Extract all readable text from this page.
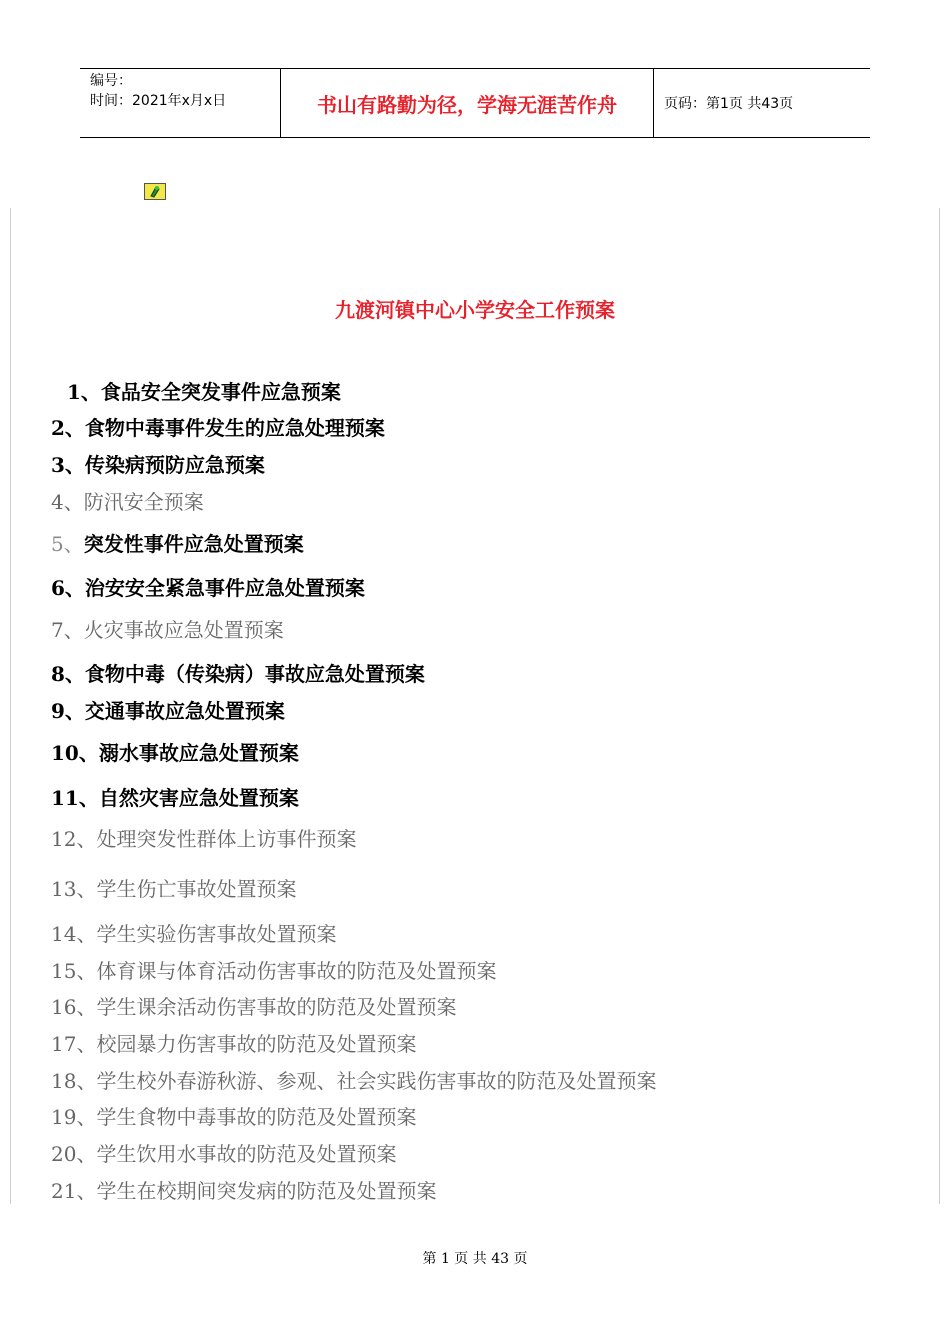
编号：
时间：2021年x月x日	书山有路勤为径，学海无涯苦作舟	页码：第1页 共43页
九渡河镇中心小学安全工作预案
1、食品安全突发事件应急预案
2、食物中毒事件发生的应急处理预案
3、传染病预防应急预案
4、防汛安全预案
5、突发性事件应急处置预案
6、治安安全紧急事件应急处置预案
7、火灾事故应急处置预案
8、食物中毒（传染病）事故应急处置预案
9、交通事故应急处置预案
10、溺水事故应急处置预案
11、自然灾害应急处置预案
12、处理突发性群体上访事件预案
13、学生伤亡事故处置预案
14、学生实验伤害事故处置预案
15、体育课与体育活动伤害事故的防范及处置预案
16、学生课余活动伤害事故的防范及处置预案
17、校园暴力伤害事故的防范及处置预案
18、学生校外春游秋游、参观、社会实践伤害事故的防范及处置预案
19、学生食物中毒事故的防范及处置预案
20、学生饮用水事故的防范及处置预案
21、学生在校期间突发病的防范及处置预案
第 1 页 共 43 页
